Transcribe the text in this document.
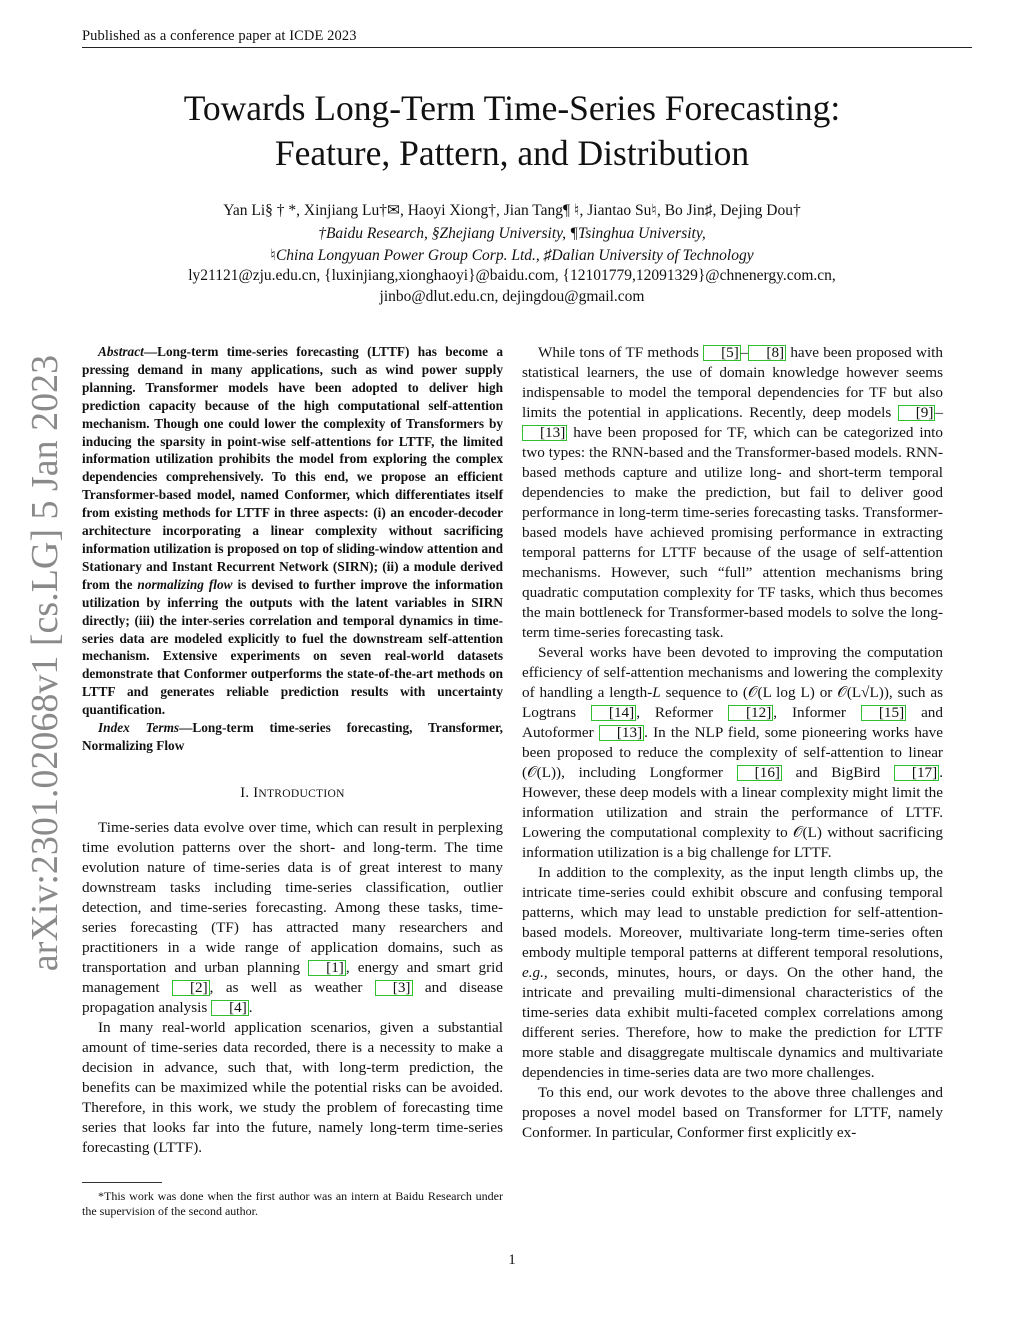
Published as a conference paper at ICDE 2023
Towards Long-Term Time-Series Forecasting:
Feature, Pattern, and Distribution
Yan Li§ † *, Xinjiang Lu†✉, Haoyi Xiong†, Jian Tang¶ ♮, Jiantao Su♮, Bo Jin♯, Dejing Dou†
†Baidu Research, §Zhejiang University, ¶Tsinghua University,
♮China Longyuan Power Group Corp. Ltd., ♯Dalian University of Technology
ly21121@zju.edu.cn, {luxinjiang,xionghaoyi}@baidu.com, {12101779,12091329}@chnenergy.com.cn,
jinbo@dlut.edu.cn, dejingdou@gmail.com
arXiv:2301.02068v1 [cs.LG] 5 Jan 2023

Abstract—Long-term time-series forecasting (LTTF) has become a pressing demand in many applications, such as wind power supply planning. Transformer models have been adopted to deliver high prediction capacity because of the high computational self-attention mechanism. Though one could lower the complexity of Transformers by inducing the sparsity in point-wise self-attentions for LTTF, the limited information utilization prohibits the model from exploring the complex dependencies comprehensively. To this end, we propose an efficient Transformer-based model, named Conformer, which differentiates itself from existing methods for LTTF in three aspects: (i) an encoder-decoder architecture incorporating a linear complexity without sacrificing information utilization is proposed on top of sliding-window attention and Stationary and Instant Recurrent Network (SIRN); (ii) a module derived from the normalizing flow is devised to further improve the information utilization by inferring the outputs with the latent variables in SIRN directly; (iii) the inter-series correlation and temporal dynamics in time-series data are modeled explicitly to fuel the downstream self-attention mechanism. Extensive experiments on seven real-world datasets demonstrate that Conformer outperforms the state-of-the-art methods on LTTF and generates reliable prediction results with uncertainty quantification.

Index Terms—Long-term time-series forecasting, Transformer, Normalizing Flow

I. INTRODUCTION

Time-series data evolve over time, which can result in perplexing time evolution patterns over the short- and long-term. The time evolution nature of time-series data is of great interest to many downstream tasks including time-series classification, outlier detection, and time-series forecasting. Among these tasks, time-series forecasting (TF) has attracted many researchers and practitioners in a wide range of application domains, such as transportation and urban planning [1] , energy and smart grid management [2] , as well as weather [3] and disease propagation analysis [4] .

In many real-world application scenarios, given a substantial amount of time-series data recorded, there is a necessity to make a decision in advance, such that, with long-term prediction, the benefits can be maximized while the potential risks can be avoided. Therefore, in this work, we study the problem of forecasting time series that looks far into the future, namely long-term time-series forecasting (LTTF).

*This work was done when the first author was an intern at Baidu Research under the supervision of the second author.

While tons of TF methods [5] – [8] have been proposed with statistical learners, the use of domain knowledge however seems indispensable to model the temporal dependencies for TF but also limits the potential in applications. Recently, deep models [9] –[13] have been proposed for TF, which can be categorized into two types: the RNN-based and the Transformer-based models. RNN-based methods capture and utilize long- and short-term temporal dependencies to make the prediction, but fail to deliver good performance in long-term time-series forecasting tasks. Transformer-based models have achieved promising performance in extracting temporal patterns for LTTF because of the usage of self-attention mechanisms. However, such “full” attention mechanisms bring quadratic computation complexity for TF tasks, which thus becomes the main bottleneck for Transformer-based models to solve the long-term time-series forecasting task.

Several works have been devoted to improving the computation efficiency of self-attention mechanisms and lowering the complexity of handling a length-L sequence to (𝒪(L log L) or 𝒪(L√L)), such as Logtrans [14] , Reformer [12] , Informer [15] and Autoformer [13] . In the NLP field, some pioneering works have been proposed to reduce the complexity of self-attention to linear (𝒪(L)), including Longformer [16] and BigBird [17] . However, these deep models with a linear complexity might limit the information utilization and strain the performance of LTTF. Lowering the computational complexity to 𝒪(L) without sacrificing information utilization is a big challenge for LTTF.

In addition to the complexity, as the input length climbs up, the intricate time-series could exhibit obscure and confusing temporal patterns, which may lead to unstable prediction for self-attention-based models. Moreover, multivariate long-term time-series often embody multiple temporal patterns at different temporal resolutions, e.g., seconds, minutes, hours, or days. On the other hand, the intricate and prevailing multi-dimensional characteristics of the time-series data exhibit multi-faceted complex correlations among different series. Therefore, how to make the prediction for LTTF more stable and disaggregate multiscale dynamics and multivariate dependencies in time-series data are two more challenges.

To this end, our work devotes to the above three challenges and proposes a novel model based on Transformer for LTTF, namely Conformer. In particular, Conformer first explicitly ex-

1
